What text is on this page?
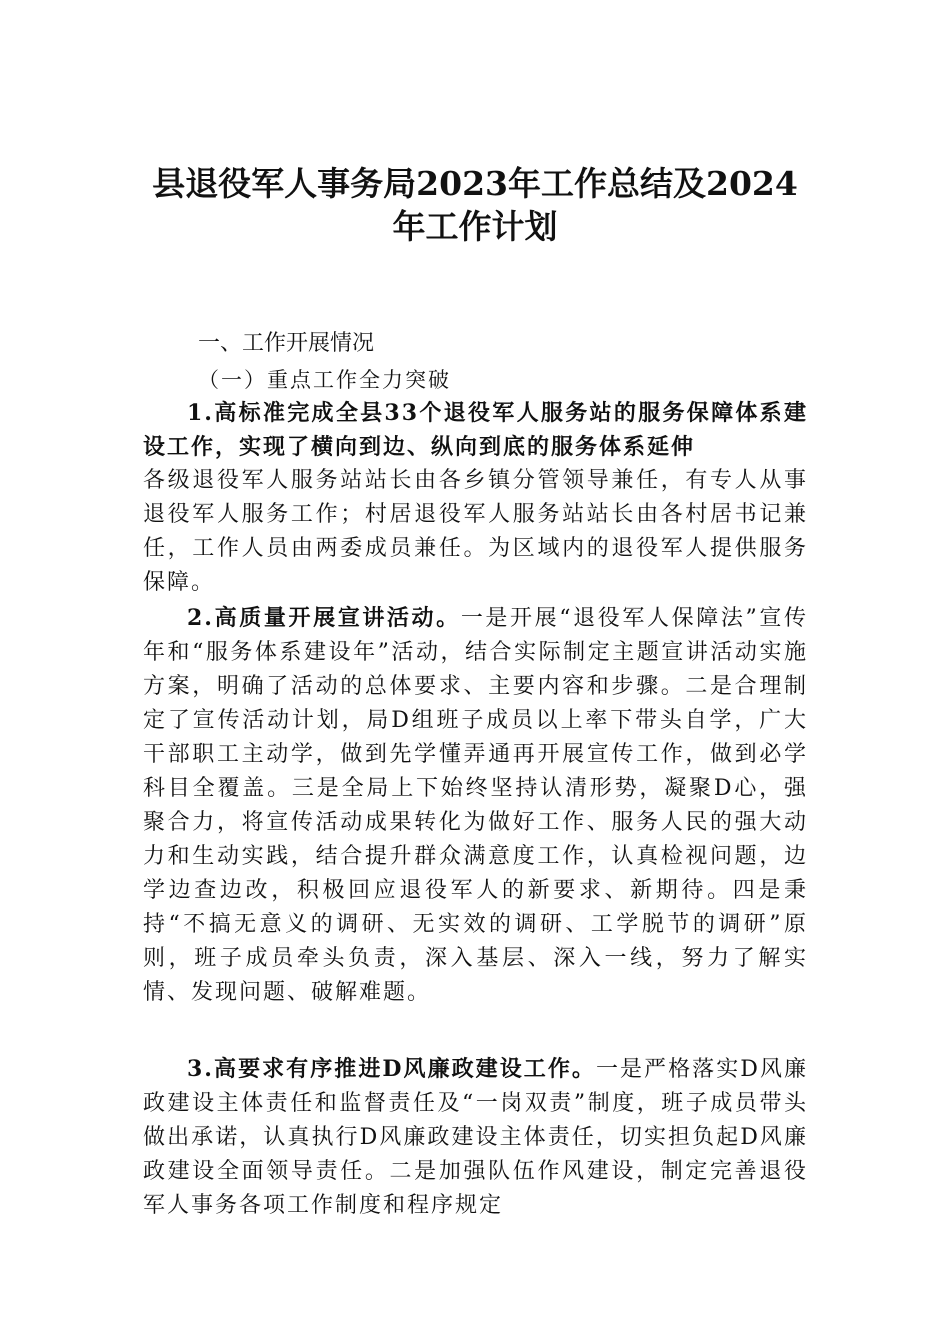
县退役军人事务局2023年工作总结及2024
年工作计划
一、工作开展情况
（一）重点工作全力突破
1.高标准完成全县33个退役军人服务站的服务保障体系建设工作，实现了横向到边、纵向到底的服务体系延伸
各级退役军人服务站站长由各乡镇分管领导兼任，有专人从事退役军人服务工作；村居退役军人服务站站长由各村居书记兼任，工作人员由两委成员兼任。为区域内的退役军人提供服务保障。
2.高质量开展宣讲活动。一是开展“退役军人保障法”宣传年和“服务体系建设年”活动，结合实际制定主题宣讲活动实施方案，明确了活动的总体要求、主要内容和步骤。二是合理制定了宣传活动计划，局D组班子成员以上率下带头自学，广大干部职工主动学，做到先学懂弄通再开展宣传工作，做到必学科目全覆盖。三是全局上下始终坚持认清形势，凝聚D心，强聚合力，将宣传活动成果转化为做好工作、服务人民的强大动力和生动实践，结合提升群众满意度工作，认真检视问题，边学边查边改，积极回应退役军人的新要求、新期待。四是秉持“不搞无意义的调研、无实效的调研、工学脱节的调研”原则，班子成员牵头负责，深入基层、深入一线，努力了解实情、发现问题、破解难题。
3.高要求有序推进D风廉政建设工作。一是严格落实D风廉政建设主体责任和监督责任及“一岗双责”制度，班子成员带头做出承诺，认真执行D风廉政建设主体责任，切实担负起D风廉政建设全面领导责任。二是加强队伍作风建设，制定完善退役军人事务各项工作制度和程序规定
